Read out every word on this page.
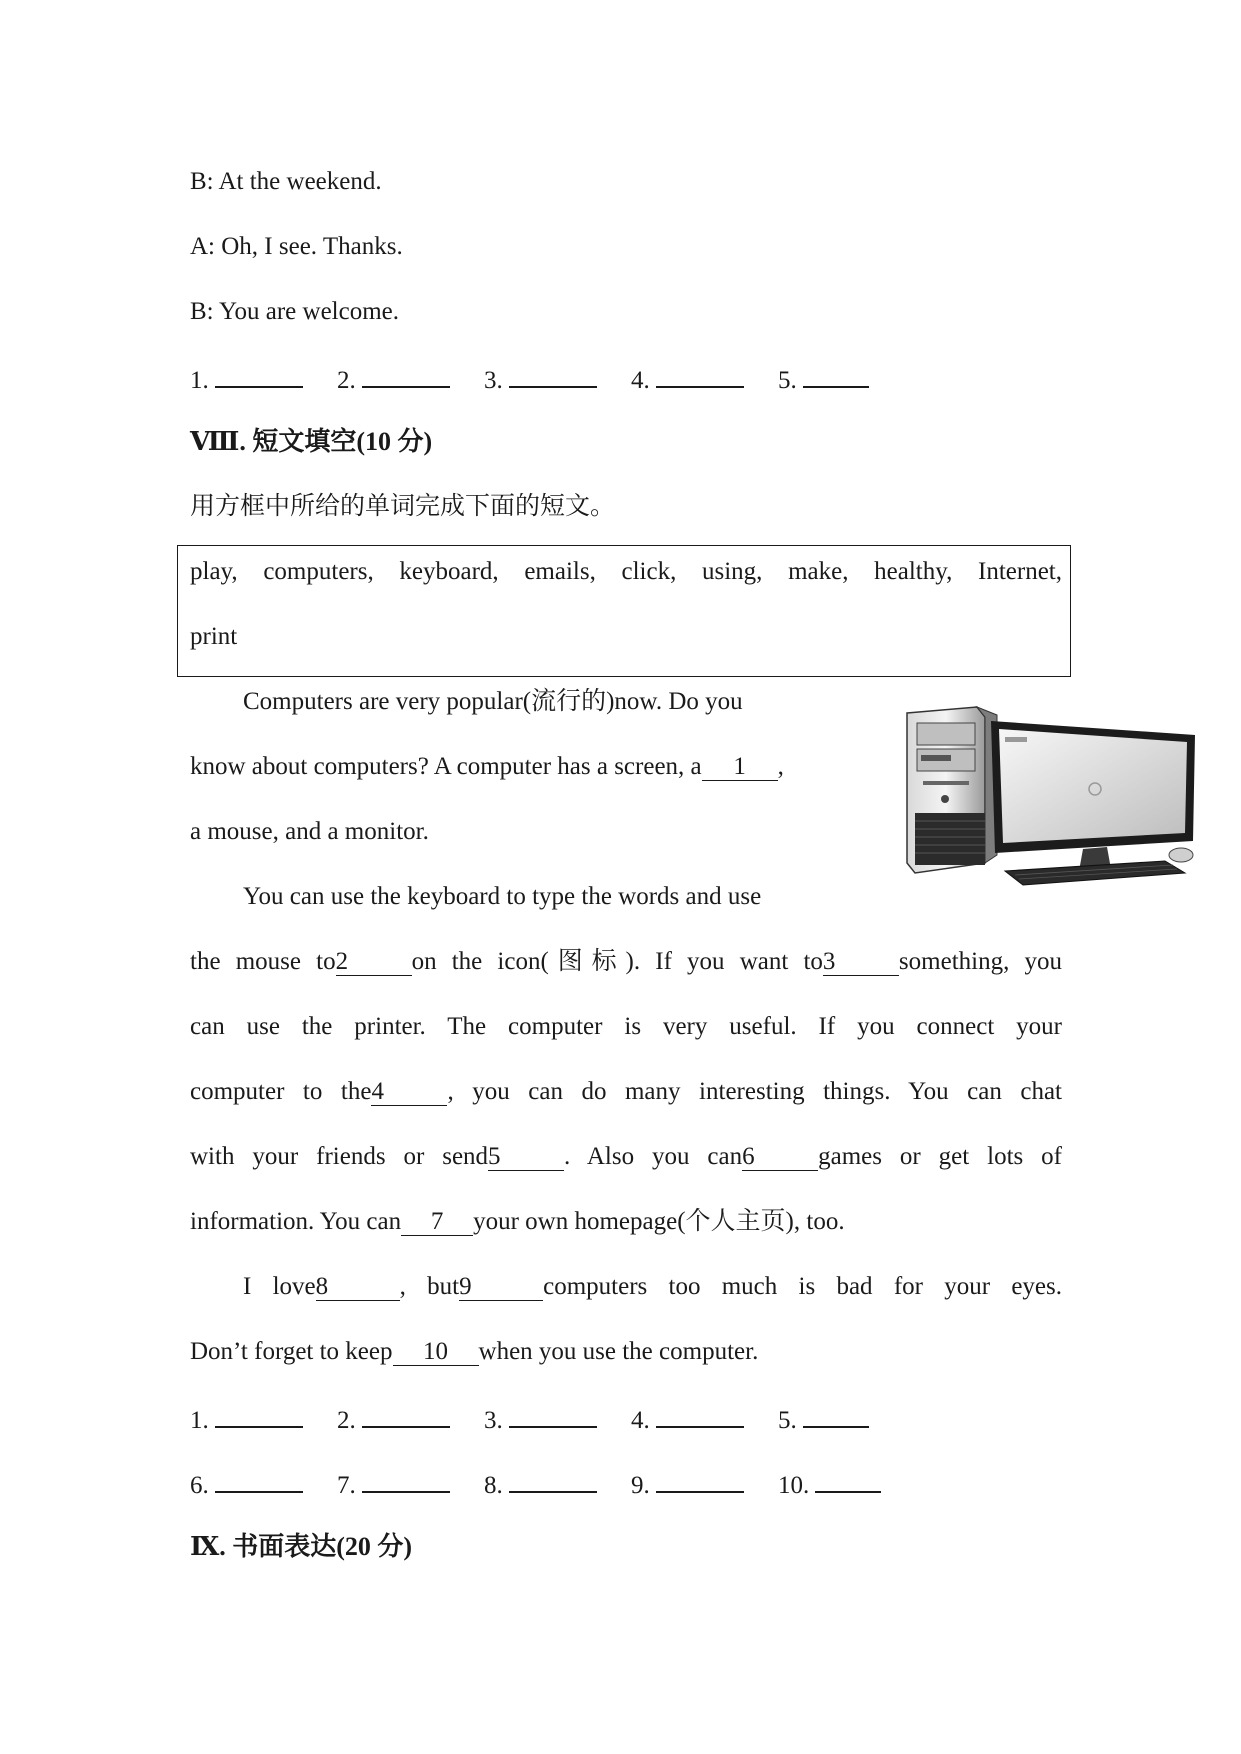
B: At the weekend.
A: Oh, I see. Thanks.
B: You are welcome.
1.	2.	3.	4.	5.
Ⅷ. 短文填空(10 分)
用方框中所给的单词完成下面的短文。
play, computers, keyboard, emails, click, using, make, healthy, Internet,
print
Computers are very popular(流行的)now. Do you
know about computers? A computer has a screen, a 1 ,
a mouse, and a monitor.
You can use the keyboard to type the words and use
the mouse to2	on the icon(图标). If you want to3	something, you
can use the printer. The computer is very useful. If you connect your
computer to the4	, you can do many interesting things. You can chat
with your friends or send5	. Also you can6	games or get lots of
information. You can 7 your own homepage(个人主页), too.
I love8	, but9	computers too much is bad for your eyes.
Don’t forget to keep 10 when you use the computer.
1.	2.	3.	4.	5.
6.	7.	8.	9.	10.
Ⅸ. 书面表达(20 分)
